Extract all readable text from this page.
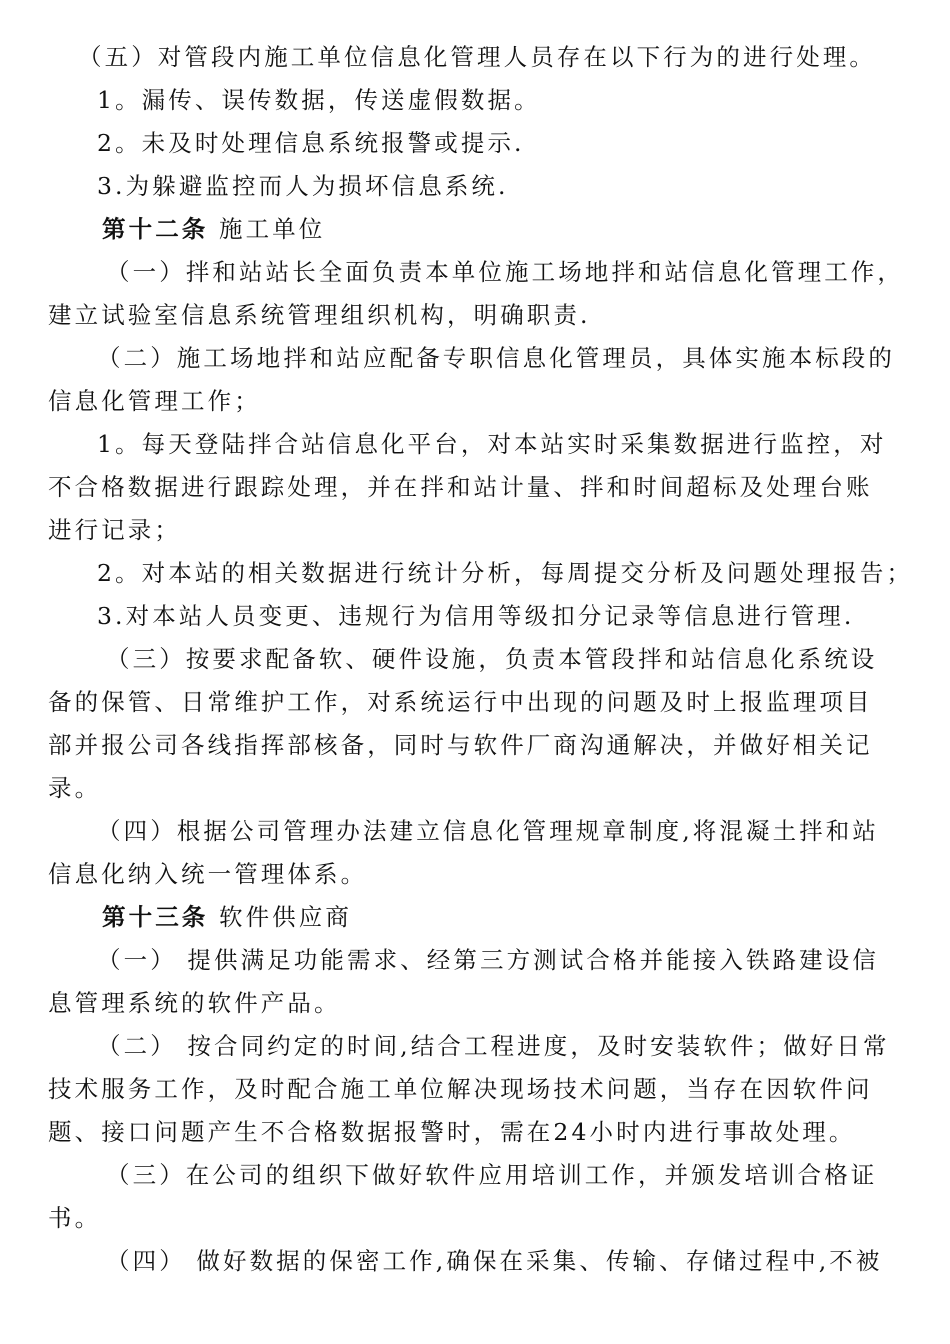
（五）对管段内施工单位信息化管理人员存在以下行为的进行处理。

1。漏传、误传数据，传送虚假数据。

2。未及时处理信息系统报警或提示.

3.为躲避监控而人为损坏信息系统.

第十二条 施工单位

（一）拌和站站长全面负责本单位施工场地拌和站信息化管理工作，
建立试验室信息系统管理组织机构，明确职责.

（二）施工场地拌和站应配备专职信息化管理员，具体实施本标段的
信息化管理工作；

1。每天登陆拌合站信息化平台，对本站实时采集数据进行监控，对
不合格数据进行跟踪处理，并在拌和站计量、拌和时间超标及处理台账
进行记录；

2。对本站的相关数据进行统计分析，每周提交分析及问题处理报告；

3.对本站人员变更、违规行为信用等级扣分记录等信息进行管理.

（三）按要求配备软、硬件设施，负责本管段拌和站信息化系统设
备的保管、日常维护工作，对系统运行中出现的问题及时上报监理项目
部并报公司各线指挥部核备，同时与软件厂商沟通解决，并做好相关记
录。

（四）根据公司管理办法建立信息化管理规章制度,将混凝土拌和站
信息化纳入统一管理体系。

第十三条 软件供应商

（一） 提供满足功能需求、经第三方测试合格并能接入铁路建设信
息管理系统的软件产品。

（二） 按合同约定的时间,结合工程进度，及时安装软件；做好日常
技术服务工作，及时配合施工单位解决现场技术问题，当存在因软件问
题、接口问题产生不合格数据报警时，需在24小时内进行事故处理。

（三）在公司的组织下做好软件应用培训工作，并颁发培训合格证
书。

（四） 做好数据的保密工作,确保在采集、传输、存储过程中,不被
